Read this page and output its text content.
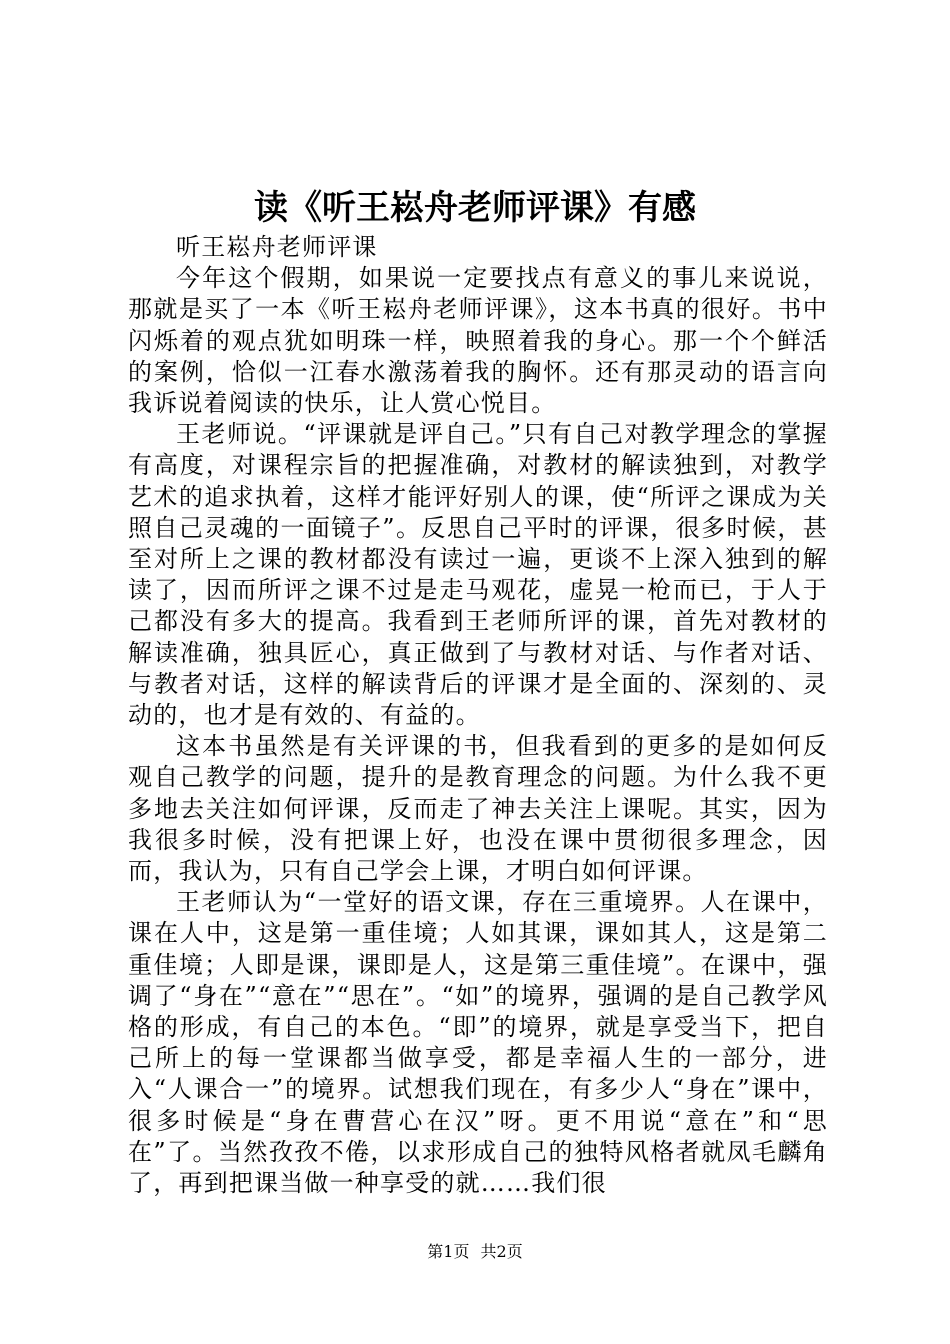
读《听王崧舟老师评课》有感

听王崧舟老师评课

今年这个假期，如果说一定要找点有意义的事儿来说说，那就是买了一本《听王崧舟老师评课》，这本书真的很好。书中闪烁着的观点犹如明珠一样，映照着我的身心。那一个个鲜活的案例，恰似一江春水激荡着我的胸怀。还有那灵动的语言向我诉说着阅读的快乐，让人赏心悦目。

王老师说。“评课就是评自己。”只有自己对教学理念的掌握有高度，对课程宗旨的把握准确，对教材的解读独到，对教学艺术的追求执着，这样才能评好别人的课，使“所评之课成为关照自己灵魂的一面镜子”。反思自己平时的评课，很多时候，甚至对所上之课的教材都没有读过一遍，更谈不上深入独到的解读了，因而所评之课不过是走马观花，虚晃一枪而已，于人于己都没有多大的提高。我看到王老师所评的课，首先对教材的解读准确，独具匠心，真正做到了与教材对话、与作者对话、与教者对话，这样的解读背后的评课才是全面的、深刻的、灵动的，也才是有效的、有益的。

这本书虽然是有关评课的书，但我看到的更多的是如何反观自己教学的问题，提升的是教育理念的问题。为什么我不更多地去关注如何评课，反而走了神去关注上课呢。其实，因为我很多时候，没有把课上好，也没在课中贯彻很多理念，因而，我认为，只有自己学会上课，才明白如何评课。

王老师认为“一堂好的语文课，存在三重境界。人在课中，课在人中，这是第一重佳境；人如其课，课如其人，这是第二重佳境；人即是课，课即是人，这是第三重佳境”。在课中，强调了“身在”“意在”“思在”。“如”的境界，强调的是自己教学风格的形成，有自己的本色。“即”的境界，就是享受当下，把自己所上的每一堂课都当做享受，都是幸福人生的一部分，进入“人课合一”的境界。试想我们现在，有多少人“身在”课中，很多时候是“身在曹营心在汉”呀。更不用说“意在”和“思在”了。当然孜孜不倦，以求形成自己的独特风格者就凤毛麟角了，再到把课当做一种享受的就……我们很

第1页 共2页
